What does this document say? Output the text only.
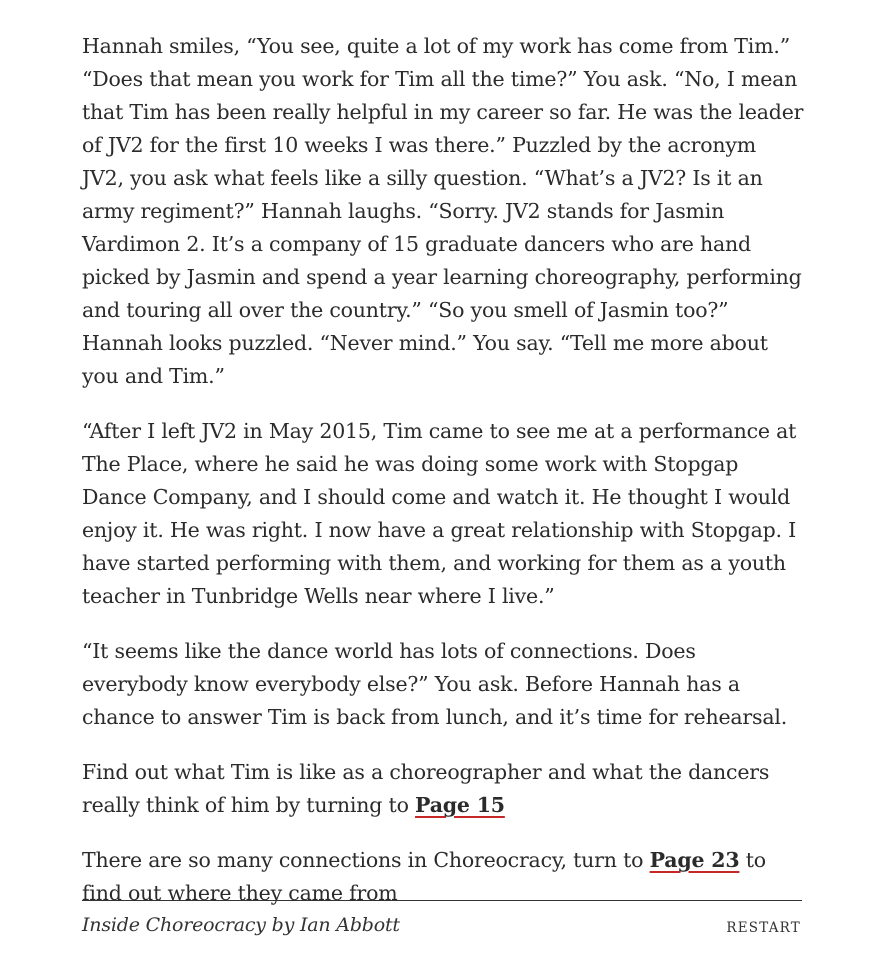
Hannah smiles, “You see, quite a lot of my work has come from Tim.” “Does that mean you work for Tim all the time?” You ask. “No, I mean that Tim has been really helpful in my career so far. He was the leader of JV2 for the first 10 weeks I was there.” Puzzled by the acronym JV2, you ask what feels like a silly question. “What’s a JV2? Is it an army regiment?” Hannah laughs. “Sorry. JV2 stands for Jasmin Vardimon 2. It’s a company of 15 graduate dancers who are hand picked by Jasmin and spend a year learning choreography, performing and touring all over the country.” “So you smell of Jasmin too?” Hannah looks puzzled. “Never mind.” You say. “Tell me more about you and Tim.”

“After I left JV2 in May 2015, Tim came to see me at a performance at The Place, where he said he was doing some work with Stopgap Dance Company, and I should come and watch it. He thought I would enjoy it. He was right. I now have a great relationship with Stopgap. I have started performing with them, and working for them as a youth teacher in Tunbridge Wells near where I live.”

“It seems like the dance world has lots of connections. Does everybody know everybody else?” You ask. Before Hannah has a chance to answer Tim is back from lunch, and it’s time for rehearsal.

Find out what Tim is like as a choreographer and what the dancers really think of him by turning to Page 15

There are so many connections in Choreocracy, turn to Page 23 to find out where they came from

Inside Choreocracy by Ian Abbott	RESTART
